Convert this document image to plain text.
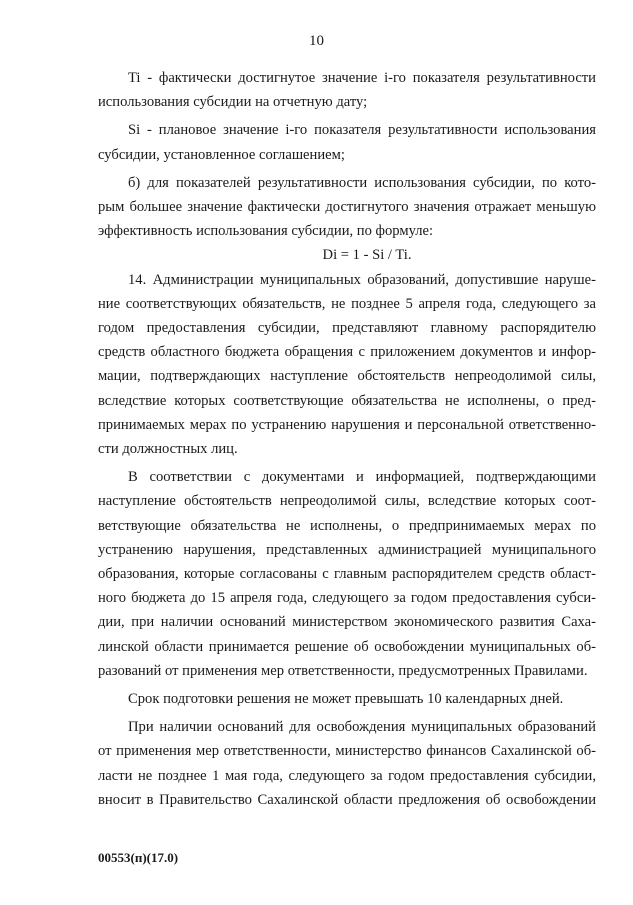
10
Ti - фактически достигнутое значение i-го показателя результативности
использования субсидии на отчетную дату;
Si - плановое значение i-го показателя результативности использования
субсидии, установленное соглашением;
б) для показателей результативности использования субсидии, по кото-
рым большее значение фактически достигнутого значения отражает меньшую
эффективность использования субсидии, по формуле:
Di = 1 - Si / Ti.
14. Администрации муниципальных образований, допустившие наруше-
ние соответствующих обязательств, не позднее 5 апреля года, следующего за
годом предоставления субсидии, представляют главному распорядителю
средств областного бюджета обращения с приложением документов и инфор-
мации, подтверждающих наступление обстоятельств непреодолимой силы,
вследствие которых соответствующие обязательства не исполнены, о пред-
принимаемых мерах по устранению нарушения и персональной ответственно-
сти должностных лиц.
В соответствии с документами и информацией, подтверждающими
наступление обстоятельств непреодолимой силы, вследствие которых соот-
ветствующие обязательства не исполнены, о предпринимаемых мерах по
устранению нарушения, представленных администрацией муниципального
образования, которые согласованы с главным распорядителем средств област-
ного бюджета до 15 апреля года, следующего за годом предоставления субси-
дии, при наличии оснований министерством экономического развития Саха-
линской области принимается решение об освобождении муниципальных об-
разований от применения мер ответственности, предусмотренных Правилами.
Срок подготовки решения не может превышать 10 календарных дней.
При наличии оснований для освобождения муниципальных образований
от применения мер ответственности, министерство финансов Сахалинской об-
ласти не позднее 1 мая года, следующего за годом предоставления субсидии,
вносит в Правительство Сахалинской области предложения об освобождении
00553(п)(17.0)
